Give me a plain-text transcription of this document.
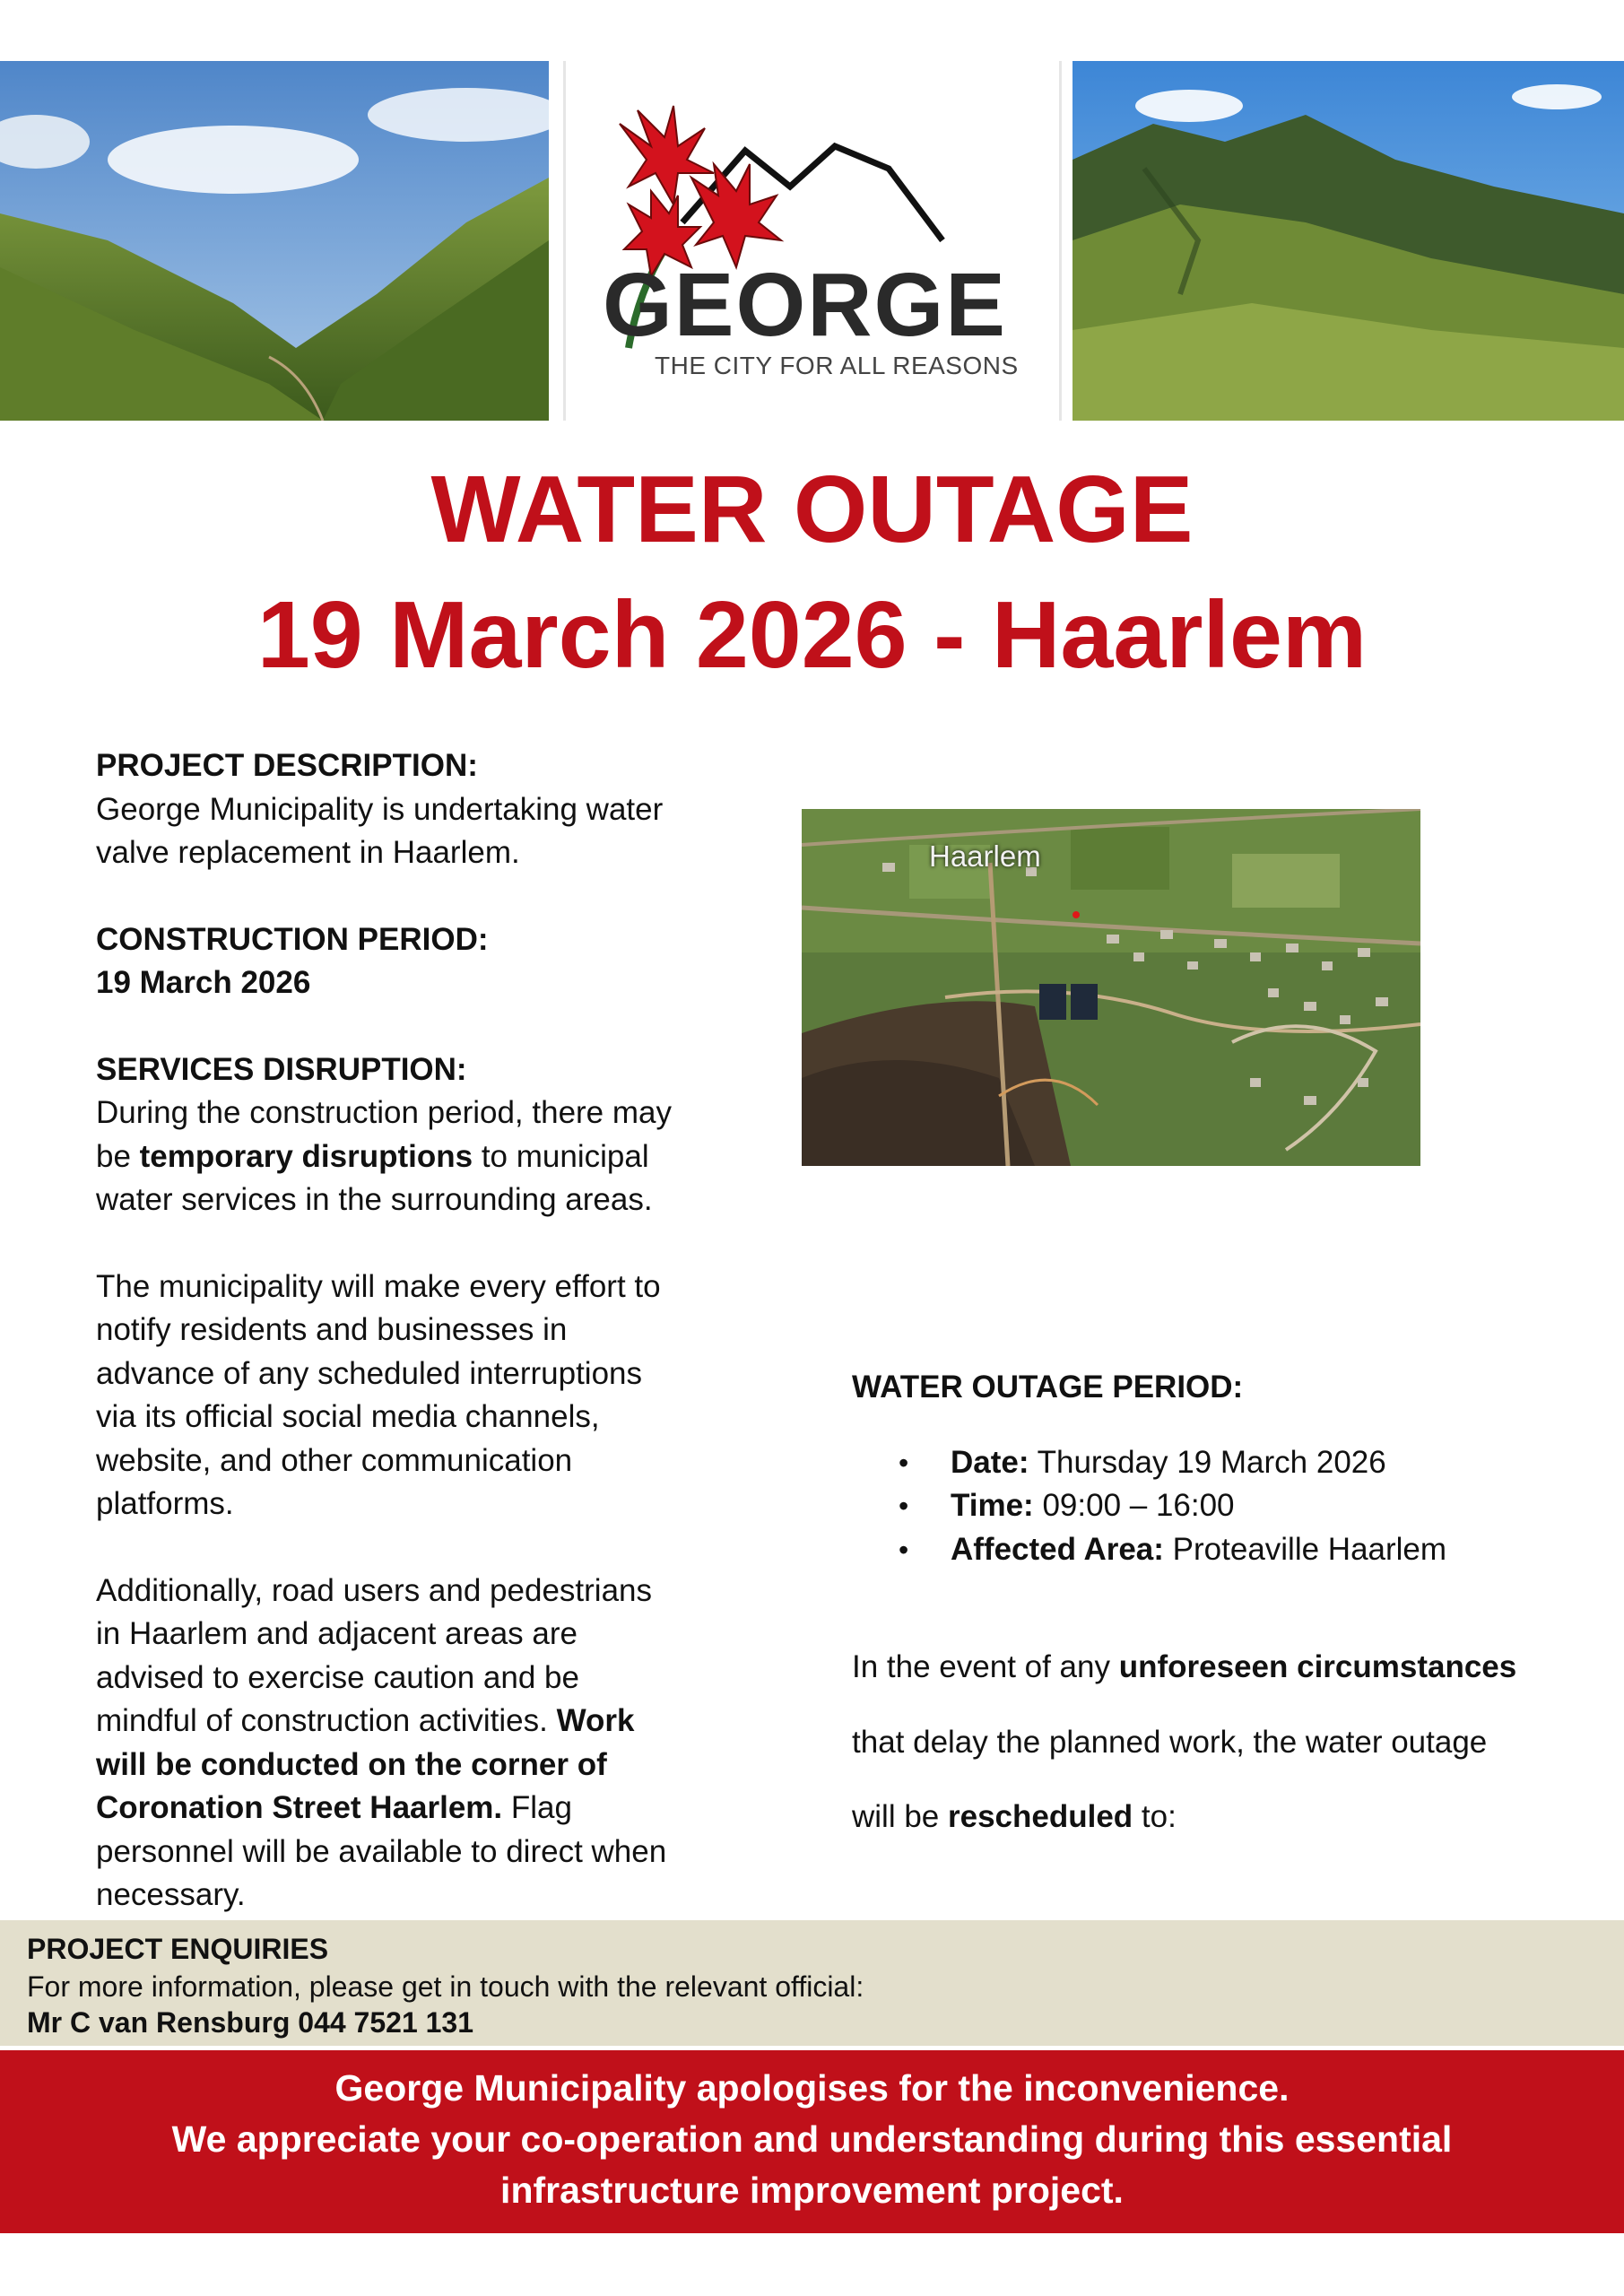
GEORGE
THE CITY FOR ALL REASONS
WATER OUTAGE
19 March 2026 - Haarlem

PROJECT DESCRIPTION:

George Municipality is undertaking water

valve replacement in Haarlem.

CONSTRUCTION PERIOD:

19 March 2026

SERVICES DISRUPTION:

During the construction period, there may

be temporary disruptions to municipal

water services in the surrounding areas.

The municipality will make every effort to

notify residents and businesses in

advance of any scheduled interruptions

via its official social media channels,

website, and other communication

platforms.

Additionally, road users and pedestrians

in Haarlem and adjacent areas are

advised to exercise caution and be

mindful of construction activities. Work

will be conducted on the corner of

Coronation Street Haarlem. Flag

personnel will be available to direct when

necessary.

Haarlem

WATER OUTAGE PERIOD:

• Date: Thursday 19 March 2026
• Time: 09:00 – 16:00
• Affected Area: Proteaville Haarlem

In the event of any unforeseen circumstances

that delay the planned work, the water outage

will be rescheduled to:

•
•
PROJECT ENQUIRIES
For more information, please get in touch with the relevant official:
Mr C van Rensburg 044 7521 131

George Municipality apologises for the inconvenience.

We appreciate your co-operation and understanding during this essential

infrastructure improvement project.
